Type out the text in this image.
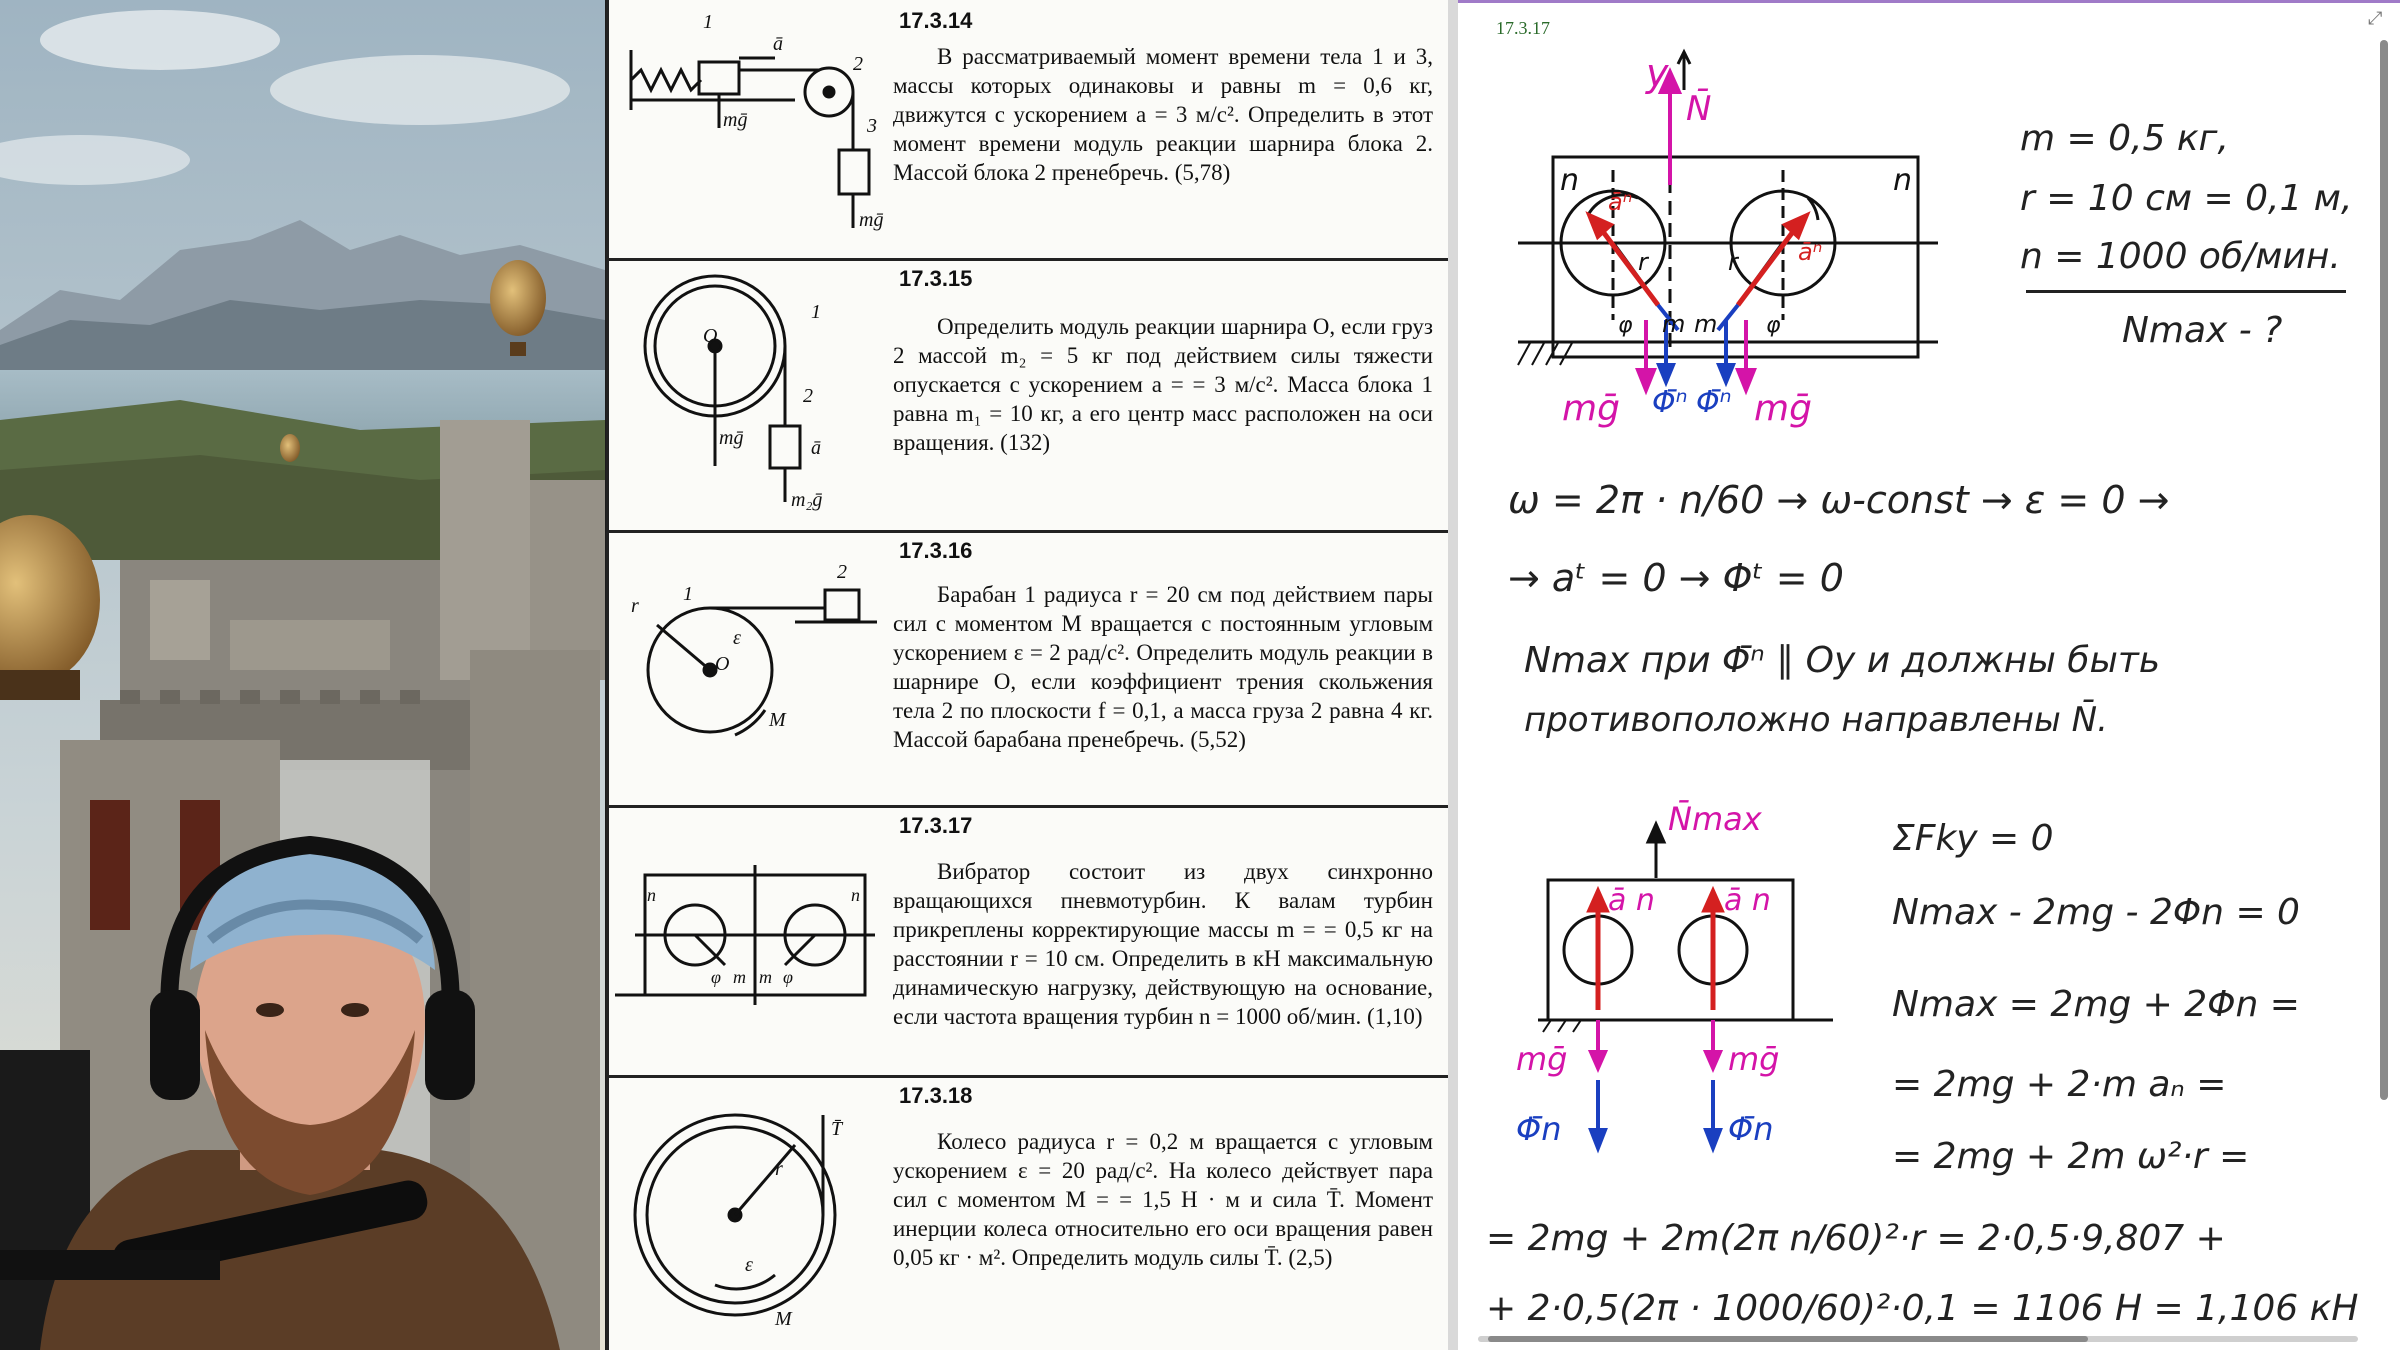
1
2
3
ā
mḡ
mḡ
17.3.14
В рассматриваемый момент времени тела 1 и 3, массы которых одинаковы и равны m = 0,6 кг, движутся с ускорением a = 3 м/с². Определить в этот момент времени модуль реакции шарнира блока 2. Массой блока 2 пренебречь. (5,78)
O
1
2
mḡ	ā
m₂ḡ
17.3.15
Определить модуль реакции шарнира O, если груз 2 массой m₂ = 5 кг под действием силы тяжести опускается с ускорением a = = 3 м/с². Масса блока 1 равна m₁ = 10 кг, а его центр масс расположен на оси вращения. (132)
r
1
2
ε
O
M
17.3.16
Барабан 1 радиуса r = 20 см под действием пары сил с моментом M вращается с постоянным угловым ускорением ε = 2 рад/с². Определить модуль реакции в шарнире O, если коэффициент трения скольжения тела 2 по плоскости f = 0,1, а масса груза 2 равна 4 кг. Массой барабана пренебречь. (5,52)
n	n
φ m m φ
17.3.17
Вибратор состоит из двух синхронно вращающихся пневмотурбин. К валам турбин прикреплены корректирующие массы m = = 0,5 кг на расстоянии r = 10 см. Определить в кН максимальную динамическую нагрузку, действующую на основание, если частота вращения турбин n = 1000 об/мин. (1,10)
T̄
r
ε
M
17.3.18
Колесо радиуса r = 0,2 м вращается с угловым ускорением ε = 20 рад/с². На колесо действует пара сил с моментом M = = 1,5 Н · м и сила T̄. Момент инерции колеса относительно его оси вращения равен 0,05 кг · м². Определить модуль силы T̄. (2,5)
17.3.17	⤢
y
N̄
n	n
āⁿ
āⁿ
r	r
φ	φ
m m
mḡ	mḡ
Φ̄ⁿ Φ̄ⁿ
m = 0,5 кг,
r = 10 см = 0,1 м,
n = 1000 об/мин.
Nmax - ?
ω = 2π · n/60 → ω-const → ε = 0 →
→ aᵗ = 0 → Φᵗ = 0
Nmax при Φ̄ⁿ ∥ Oy и должны быть
противоположно направлены N̄.
N̄max
ā n ā n
mḡ	mḡ
Φ̄n	Φ̄n
ΣFky = 0
Nmax - 2mg - 2Φn = 0
Nmax = 2mg + 2Φn =
= 2mg + 2·m aₙ =
= 2mg + 2m ω²·r =
= 2mg + 2m(2π n/60)²·r = 2·0,5·9,807 +
+ 2·0,5(2π · 1000/60)²·0,1 = 1106 Н = 1,106 кН
